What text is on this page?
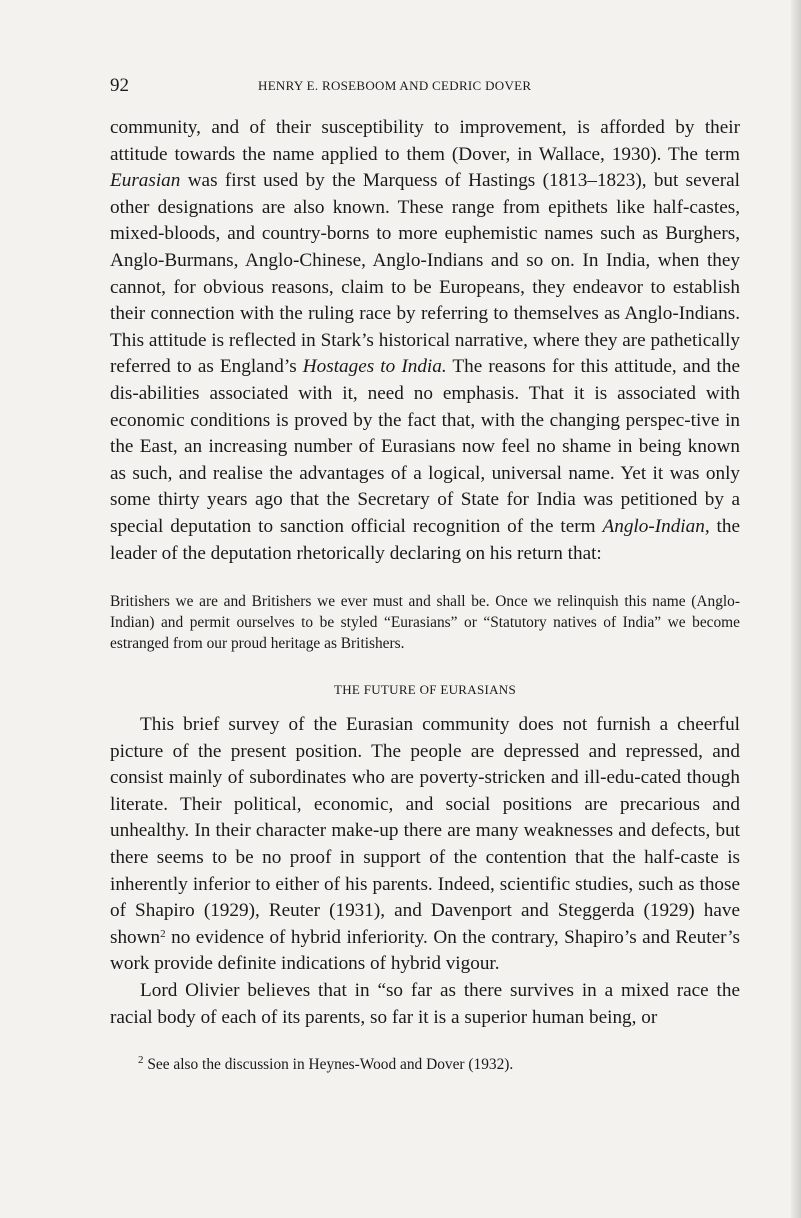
92	HENRY E. ROSEBOOM AND CEDRIC DOVER

community, and of their susceptibility to improvement, is afforded by their attitude towards the name applied to them (Dover, in Wallace, 1930). The term Eurasian was first used by the Marquess of Hastings (1813–1823), but several other designations are also known. These range from epithets like half-castes, mixed-bloods, and country-borns to more euphemistic names such as Burghers, Anglo-Burmans, Anglo-Chinese, Anglo-Indians and so on. In India, when they cannot, for obvious reasons, claim to be Europeans, they endeavor to establish their connection with the ruling race by referring to themselves as Anglo-Indians. This attitude is reflected in Stark’s historical narrative, where they are pathetically referred to as England’s Hostages to India. The reasons for this attitude, and the dis-abilities associated with it, need no emphasis. That it is associated with economic conditions is proved by the fact that, with the changing perspec-tive in the East, an increasing number of Eurasians now feel no shame in being known as such, and realise the advantages of a logical, universal name. Yet it was only some thirty years ago that the Secretary of State for India was petitioned by a special deputation to sanction official recognition of the term Anglo-Indian, the leader of the deputation rhetorically declaring on his return that:

Britishers we are and Britishers we ever must and shall be. Once we relinquish this name (Anglo-Indian) and permit ourselves to be styled “Eurasians” or “Statutory natives of India” we become estranged from our proud heritage as Britishers.
THE FUTURE OF EURASIANS

This brief survey of the Eurasian community does not furnish a cheerful picture of the present position. The people are depressed and repressed, and consist mainly of subordinates who are poverty-stricken and ill-edu-cated though literate. Their political, economic, and social positions are precarious and unhealthy. In their character make-up there are many weaknesses and defects, but there seems to be no proof in support of the contention that the half-caste is inherently inferior to either of his parents. Indeed, scientific studies, such as those of Shapiro (1929), Reuter (1931), and Davenport and Steggerda (1929) have shown$^2$ no evidence of hybrid inferiority. On the contrary, Shapiro’s and Reuter’s work provide definite indications of hybrid vigour.

Lord Olivier believes that in “so far as there survives in a mixed race the racial body of each of its parents, so far it is a superior human being, or

$^2$ See also the discussion in Heynes-Wood and Dover (1932).
